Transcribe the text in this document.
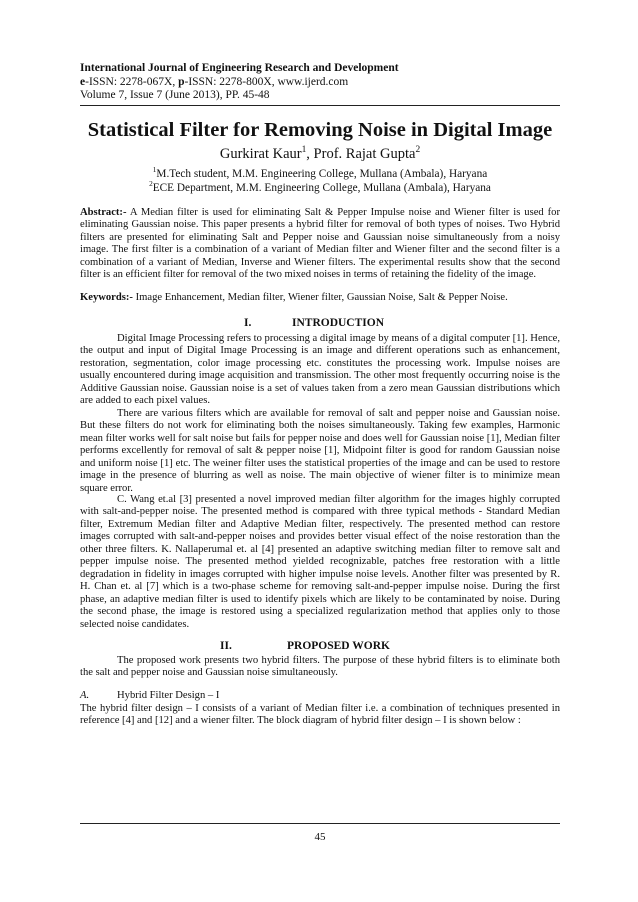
International Journal of Engineering Research and Development
e-ISSN: 2278-067X, p-ISSN: 2278-800X, www.ijerd.com
Volume 7, Issue 7 (June 2013), PP. 45-48
Statistical Filter for Removing Noise in Digital Image
Gurkirat Kaur$^1$, Prof. Rajat Gupta$^2$
$^1$M.Tech student, M.M. Engineering College, Mullana (Ambala), Haryana
$^2$ECE Department, M.M. Engineering College, Mullana (Ambala), Haryana
Abstract:- A Median filter is used for eliminating Salt & Pepper Impulse noise and Wiener filter is used for eliminating Gaussian noise. This paper presents a hybrid filter for removal of both types of noises. Two Hybrid filters are presented for eliminating Salt and Pepper noise and Gaussian noise simultaneously from a noisy image. The first filter is a combination of a variant of Median filter and Wiener filter and the second filter is a combination of a variant of Median, Inverse and Wiener filters. The experimental results show that the second filter is an efficient filter for removal of the two mixed noises in terms of retaining the fidelity of the image.
Keywords:- Image Enhancement, Median filter, Wiener filter, Gaussian Noise, Salt & Pepper Noise.
I.	INTRODUCTION
Digital Image Processing refers to processing a digital image by means of a digital computer [1]. Hence, the output and input of Digital Image Processing is an image and different operations such as enhancement, restoration, segmentation, color image processing etc. constitutes the processing work. Impulse noises are usually encountered during image acquisition and transmission. The other most frequently occurring noise is the Additive Gaussian noise. Gaussian noise is a set of values taken from a zero mean Gaussian distributions which are added to each pixel values.
There are various filters which are available for removal of salt and pepper noise and Gaussian noise. But these filters do not work for eliminating both the noises simultaneously. Taking few examples, Harmonic mean filter works well for salt noise but fails for pepper noise and does well for Gaussian noise [1], Median filter performs excellently for removal of salt & pepper noise [1], Midpoint filter is good for random Gaussian noise and uniform noise [1] etc. The weiner filter uses the statistical properties of the image and can be used to restore image in the presence of blurring as well as noise. The main objective of wiener filter is to minimize mean square error.
C. Wang et.al [3] presented a novel improved median filter algorithm for the images highly corrupted with salt-and-pepper noise. The presented method is compared with three typical methods - Standard Median filter, Extremum Median filter and Adaptive Median filter, respectively. The presented method can restore images corrupted with salt-and-pepper noises and provides better visual effect of the noise restoration than the other three filters. K. Nallaperumal et. al [4] presented an adaptive switching median filter to remove salt and pepper impulse noise. The presented method yielded recognizable, patches free restoration with a little degradation in fidelity in images corrupted with higher impulse noise levels. Another filter was presented by R. H. Chan et. al [7] which is a two-phase scheme for removing salt-and-pepper impulse noise. During the first phase, an adaptive median filter is used to identify pixels which are likely to be contaminated by noise. During the second phase, the image is restored using a specialized regularization method that applies only to those selected noise candidates.
II.	PROPOSED WORK
The proposed work presents two hybrid filters. The purpose of these hybrid filters is to eliminate both the salt and pepper noise and Gaussian noise simultaneously.
A.	Hybrid Filter Design – I
The hybrid filter design – I consists of a variant of Median filter i.e. a combination of techniques presented in reference [4] and [12] and a wiener filter. The block diagram of hybrid filter design – I is shown below :
45
